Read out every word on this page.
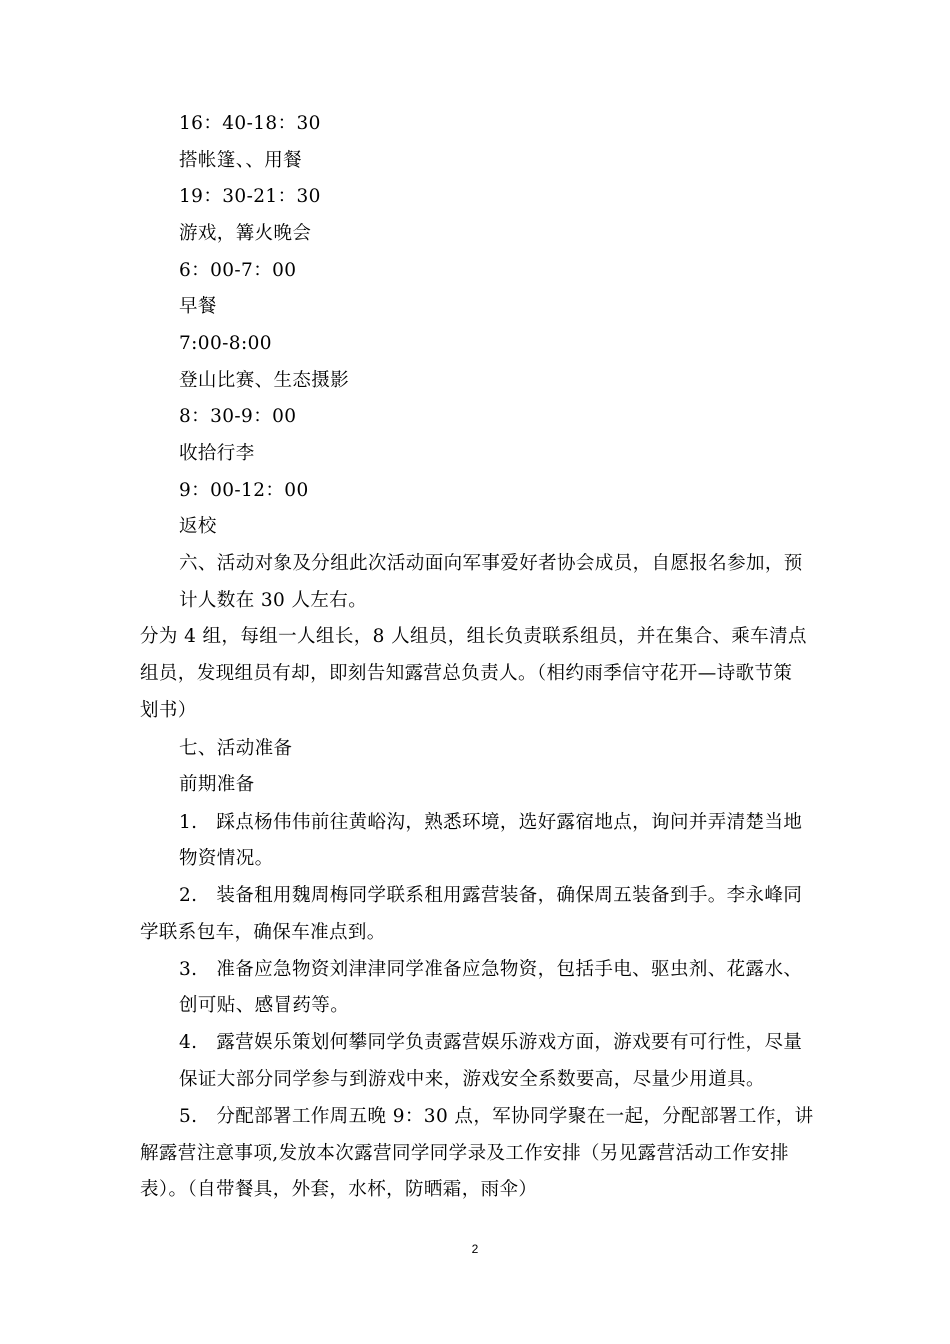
16：40-18：30
搭帐篷、、用餐
19：30-21：30
游戏，篝火晚会
6：00-7：00
早餐
7:00-8:00
登山比赛、生态摄影
8：30-9：00
收拾行李
9：00-12：00
返校
六、活动对象及分组此次活动面向军事爱好者协会成员，自愿报名参加，预
计人数在 30 人左右。
分为 4 组，每组一人组长，8 人组员，组长负责联系组员，并在集合、乘车清点
组员，发现组员有却，即刻告知露营总负责人。（相约雨季信守花开—诗歌节策
划书）
七、活动准备
前期准备
1.　踩点杨伟伟前往黄峪沟，熟悉环境，选好露宿地点，询问并弄清楚当地
物资情况。
2.　装备租用魏周梅同学联系租用露营装备，确保周五装备到手。李永峰同
学联系包车，确保车准点到。
3.　准备应急物资刘津津同学准备应急物资，包括手电、驱虫剂、花露水、
创可贴、感冒药等。
4.　露营娱乐策划何攀同学负责露营娱乐游戏方面，游戏要有可行性，尽量
保证大部分同学参与到游戏中来，游戏安全系数要高，尽量少用道具。
5.　分配部署工作周五晚 9：30 点，军协同学聚在一起，分配部署工作，讲
解露营注意事项,发放本次露营同学同学录及工作安排（另见露营活动工作安排
表）。（自带餐具，外套，水杯，防晒霜，雨伞）
2
